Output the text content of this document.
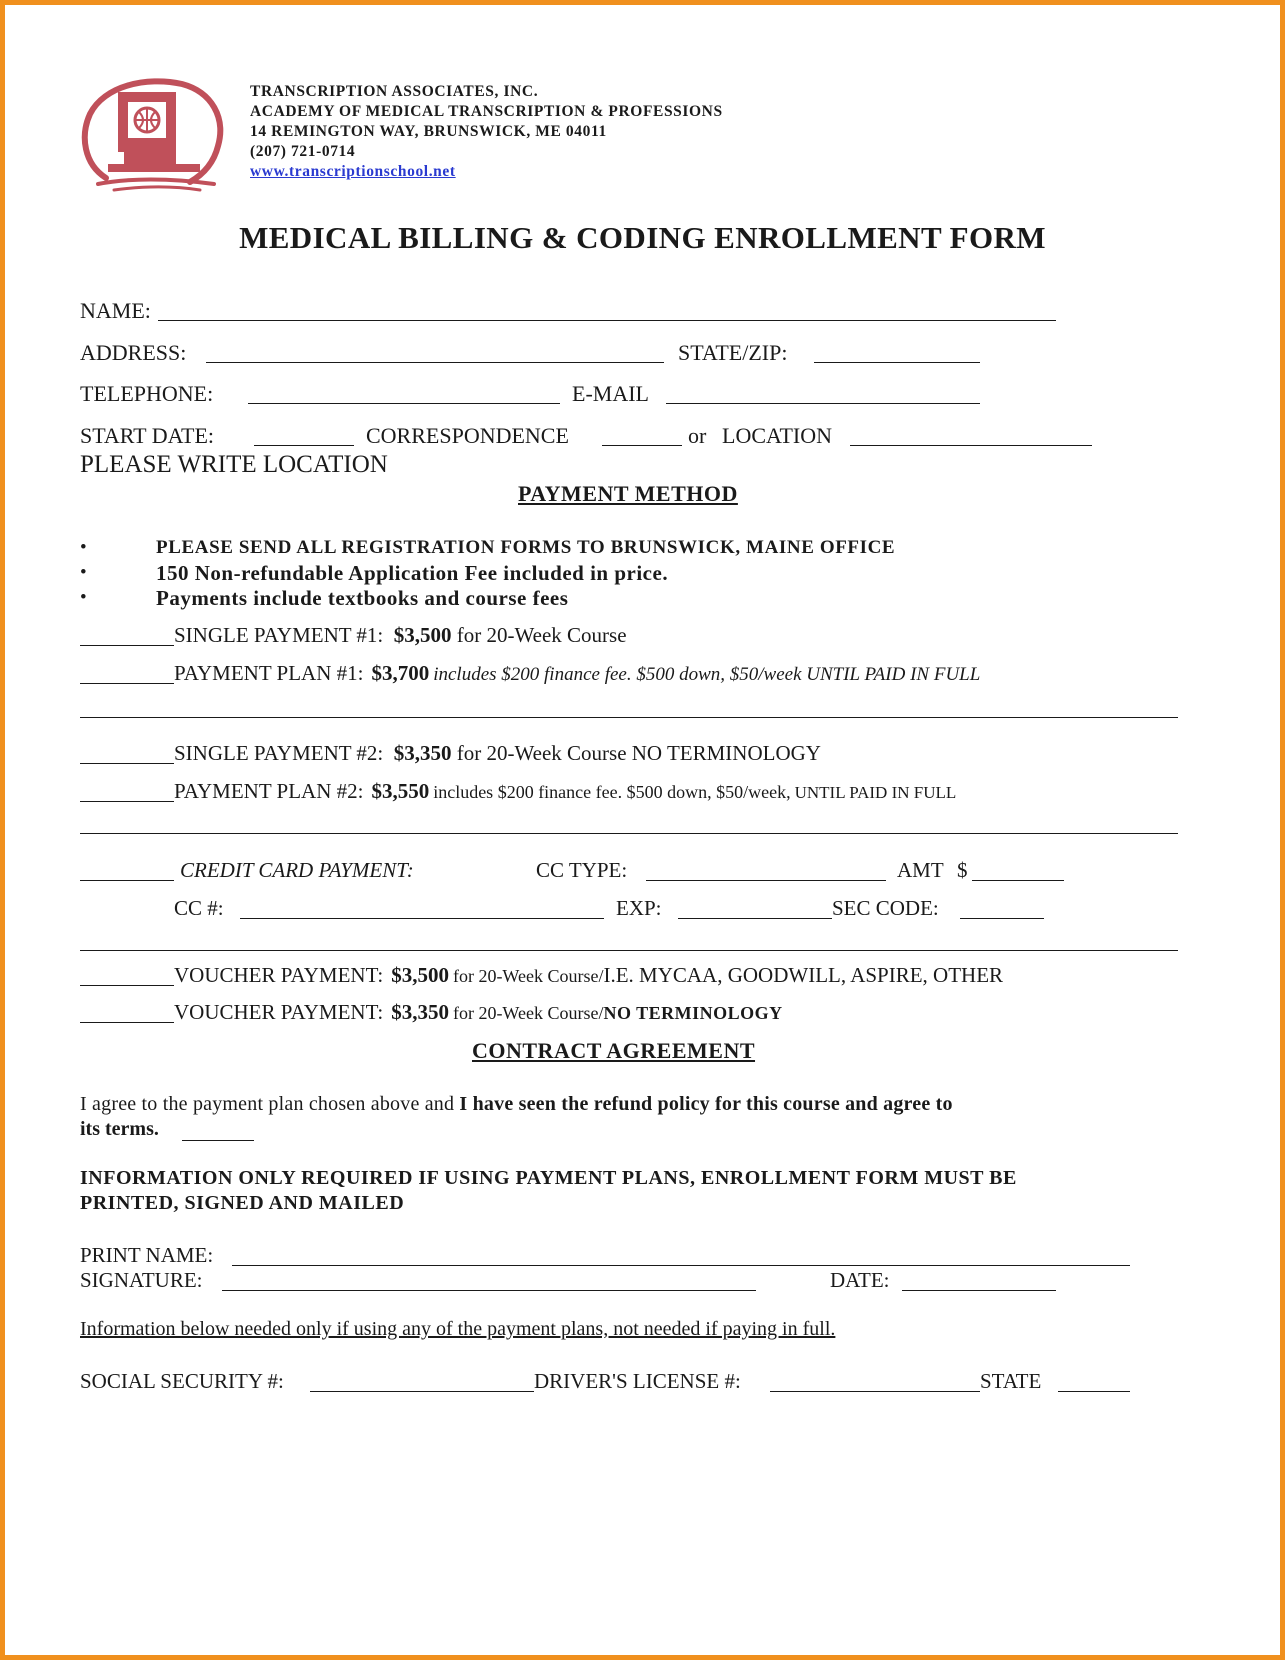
TRANSCRIPTION ASSOCIATES, INC.
ACADEMY OF MEDICAL TRANSCRIPTION & PROFESSIONS
14 REMINGTON WAY, BRUNSWICK, ME 04011
(207) 721-0714
www.transcriptionschool.net
MEDICAL BILLING & CODING ENROLLMENT FORM
NAME:
ADDRESS:	STATE/ZIP:
TELEPHONE:	E-MAIL
START DATE:	CORRESPONDENCE	or LOCATION
PLEASE WRITE LOCATION
PAYMENT METHOD
•	PLEASE SEND ALL REGISTRATION FORMS TO BRUNSWICK, MAINE OFFICE
•	150 Non-refundable Application Fee included in price.
•	Payments include textbooks and course fees
SINGLE PAYMENT #1: $3,500 for 20-Week Course
PAYMENT PLAN #1: $3,700 includes $200 finance fee. $500 down, $50/week UNTIL PAID IN FULL
SINGLE PAYMENT #2: $3,350 for 20-Week Course NO TERMINOLOGY
PAYMENT PLAN #2: $3,550 includes $200 finance fee. $500 down, $50/week, UNTIL PAID IN FULL
CREDIT CARD PAYMENT:	CC TYPE:	AMT $
CC #:	EXP:	SEC CODE:
VOUCHER PAYMENT: $3,500 for 20-Week Course/I.E. MYCAA, GOODWILL, ASPIRE, OTHER
VOUCHER PAYMENT: $3,350 for 20-Week Course/NO TERMINOLOGY
CONTRACT AGREEMENT
I agree to the payment plan chosen above and I have seen the refund policy for this course and agree to
its terms.
INFORMATION ONLY REQUIRED IF USING PAYMENT PLANS, ENROLLMENT FORM MUST BE
PRINTED, SIGNED AND MAILED
PRINT NAME:
SIGNATURE:	DATE:
Information below needed only if using any of the payment plans, not needed if paying in full.
SOCIAL SECURITY #:	DRIVER'S LICENSE #:	STATE
